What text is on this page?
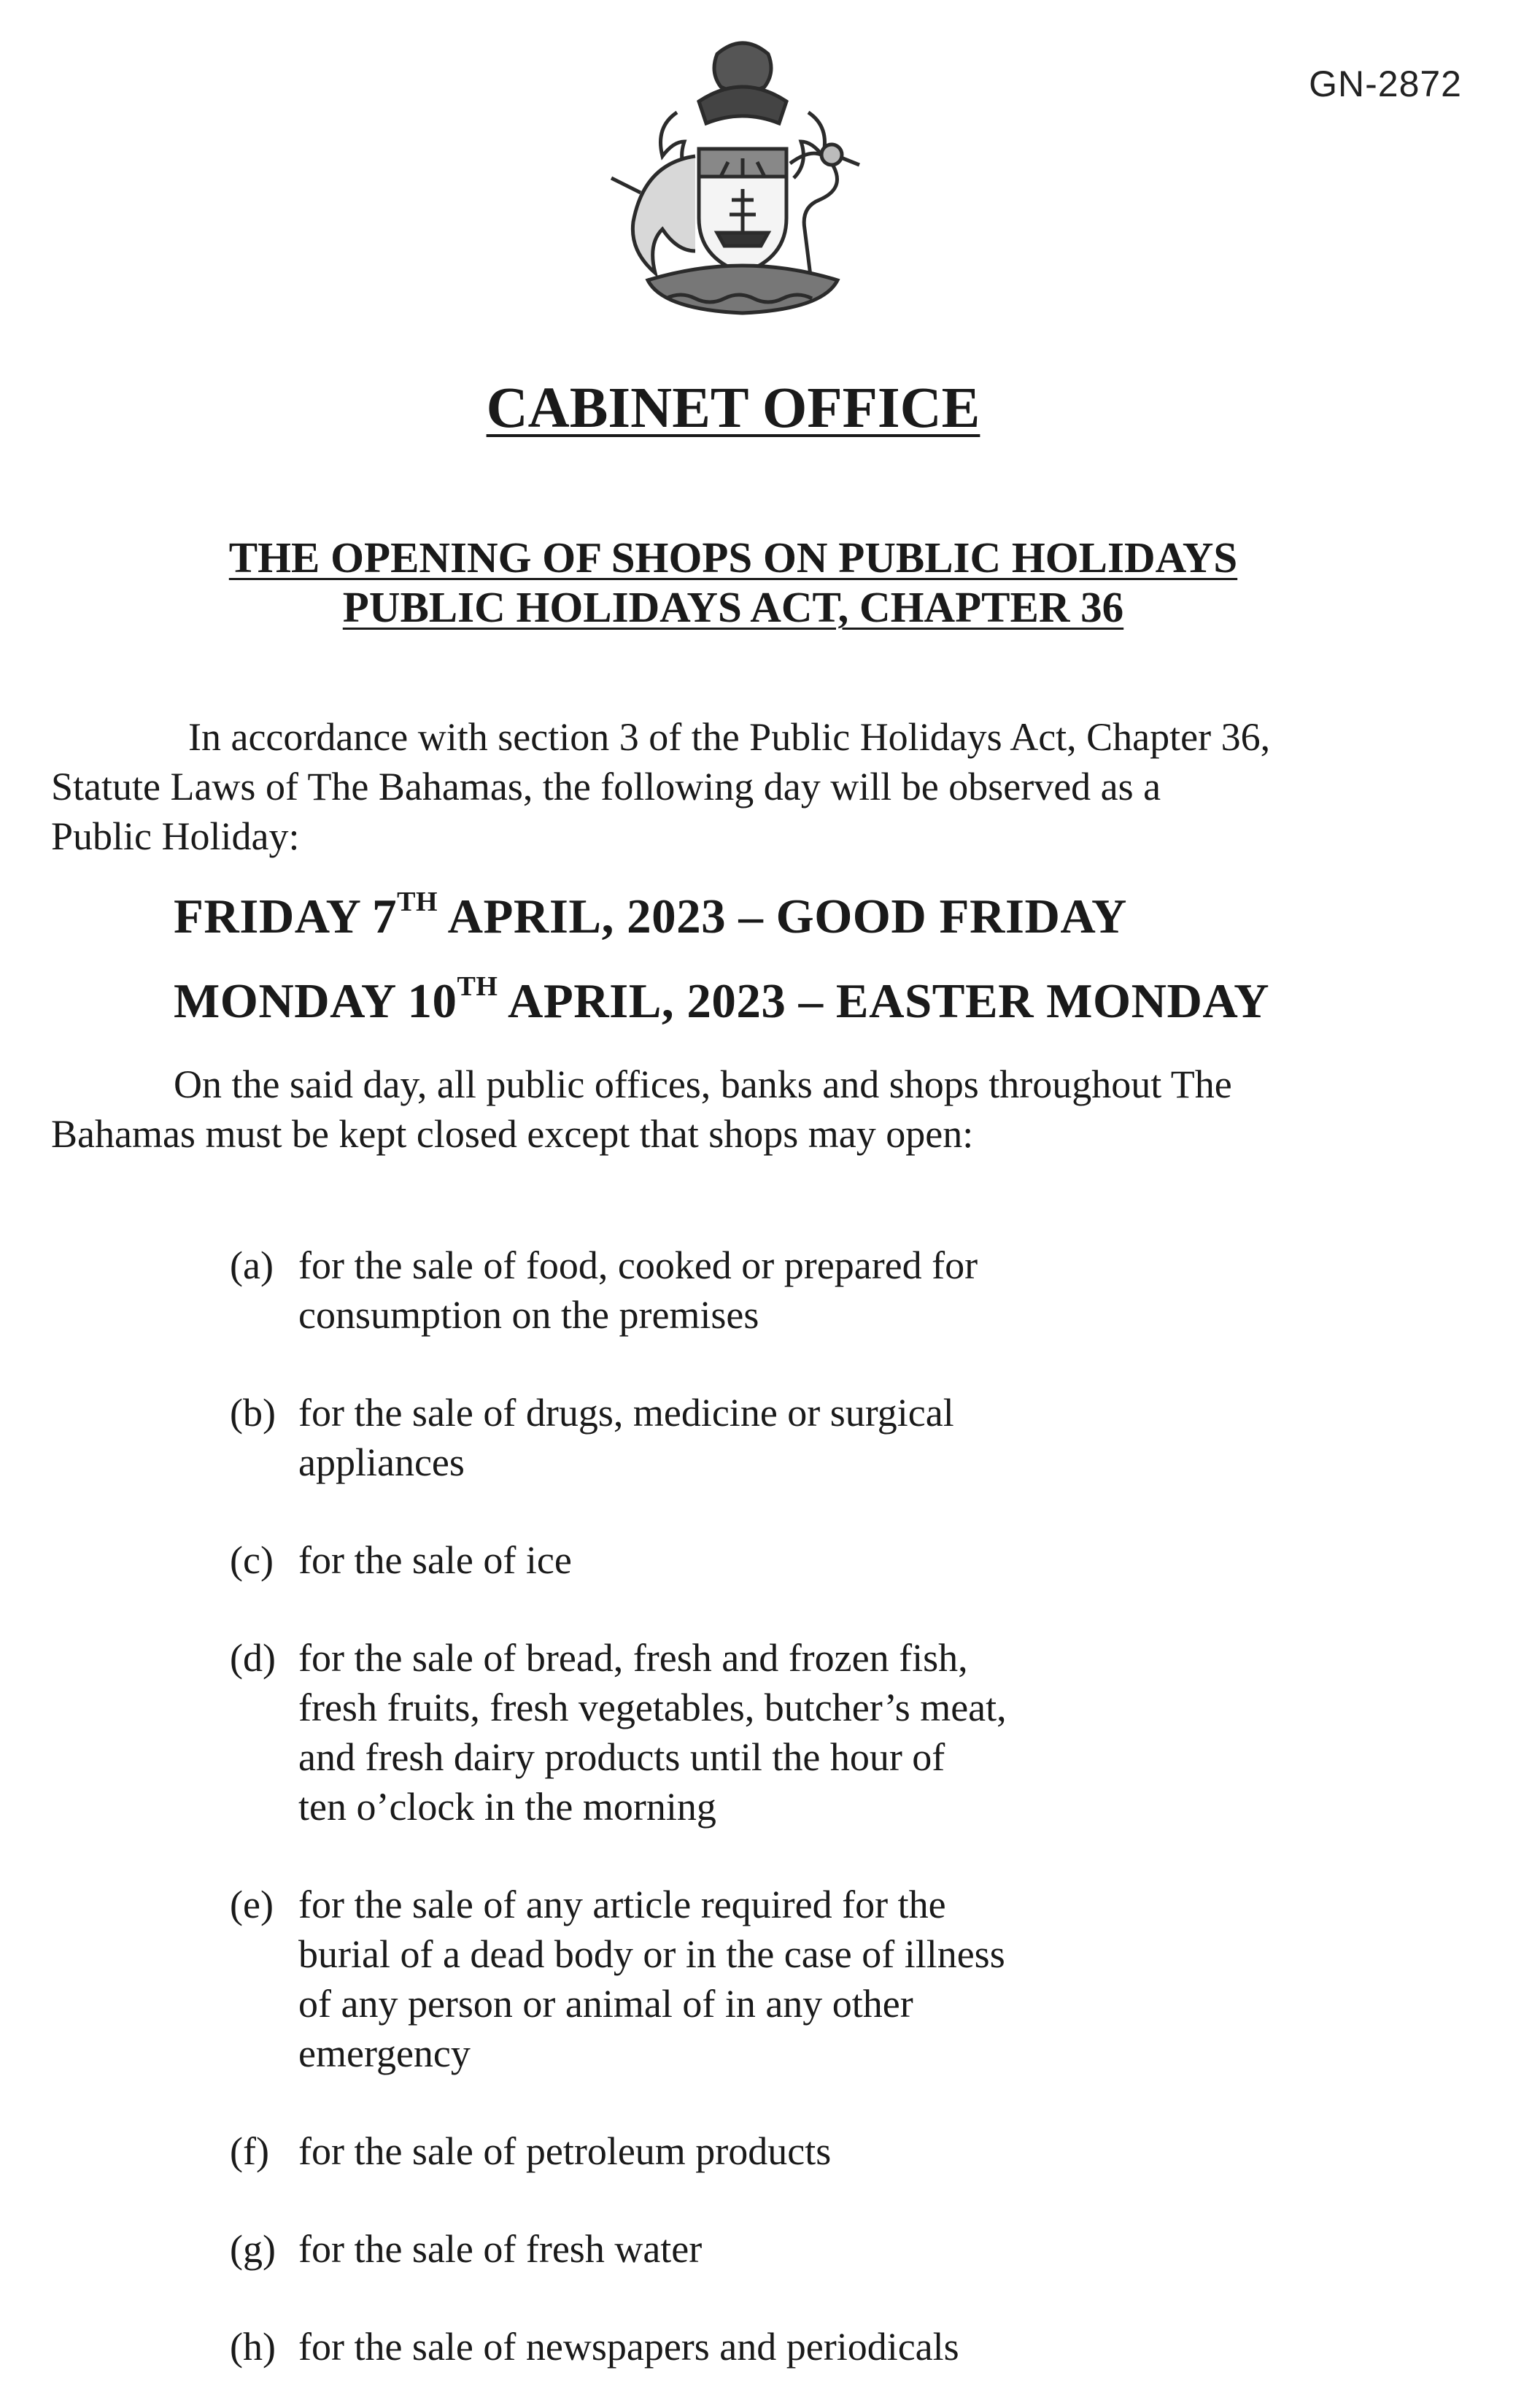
GN-2872
CABINET OFFICE
THE OPENING OF SHOPS ON PUBLIC HOLIDAYS
PUBLIC HOLIDAYS ACT, CHAPTER 36

In accordance with section 3 of the Public Holidays Act, Chapter 36,
Statute Laws of The Bahamas, the following day will be observed as a
Public Holiday:

FRIDAY 7TH APRIL, 2023 – GOOD FRIDAY

MONDAY 10TH APRIL, 2023 – EASTER MONDAY

On the said day, all public offices, banks and shops throughout The
Bahamas must be kept closed except that shops may open:

(a) for the sale of food, cooked or prepared for
consumption on the premises
(b) for the sale of drugs, medicine or surgical
appliances
(c) for the sale of ice
(d) for the sale of bread, fresh and frozen fish,
fresh fruits, fresh vegetables, butcher’s meat,
and fresh dairy products until the hour of
ten o’clock in the morning
(e) for the sale of any article required for the
burial of a dead body or in the case of illness
of any person or animal of in any other
emergency
(f) for the sale of petroleum products
(g) for the sale of fresh water
(h) for the sale of newspapers and periodicals
